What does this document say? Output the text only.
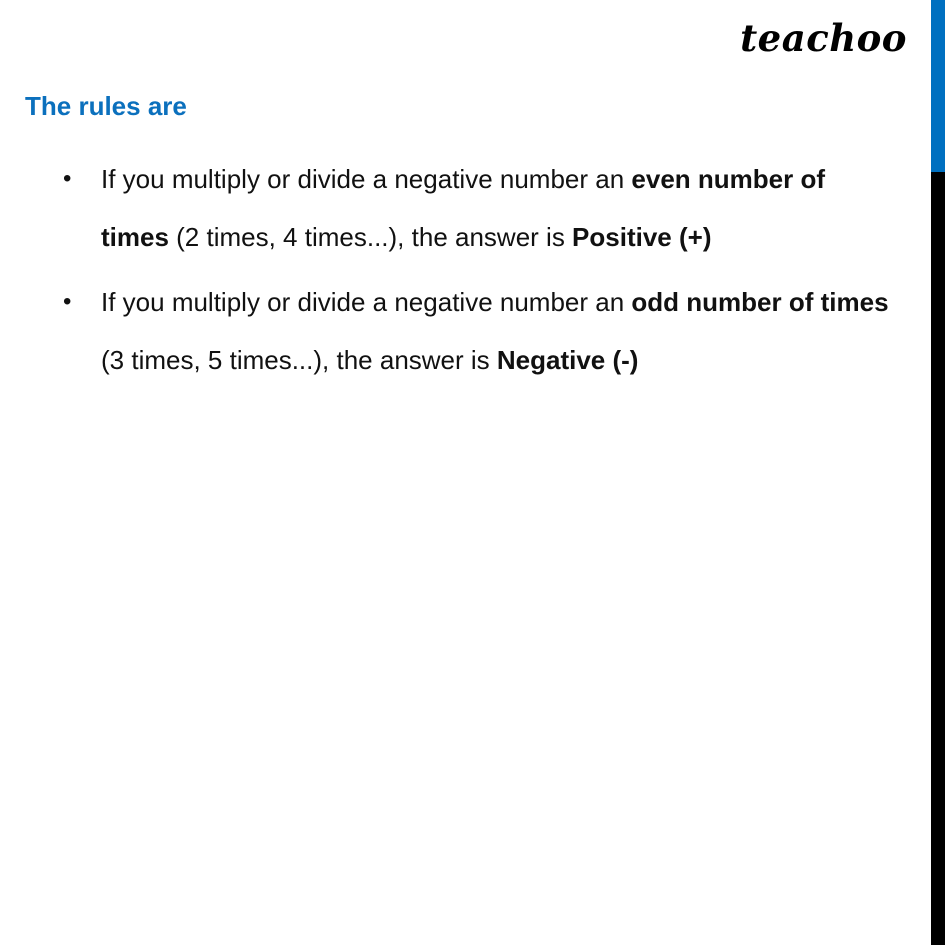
teachoo
The rules are
• If you multiply or divide a negative number an even number of times (2 times, 4 times...), the answer is Positive (+)
• If you multiply or divide a negative number an odd number of times (3 times, 5 times...), the answer is Negative (-)
